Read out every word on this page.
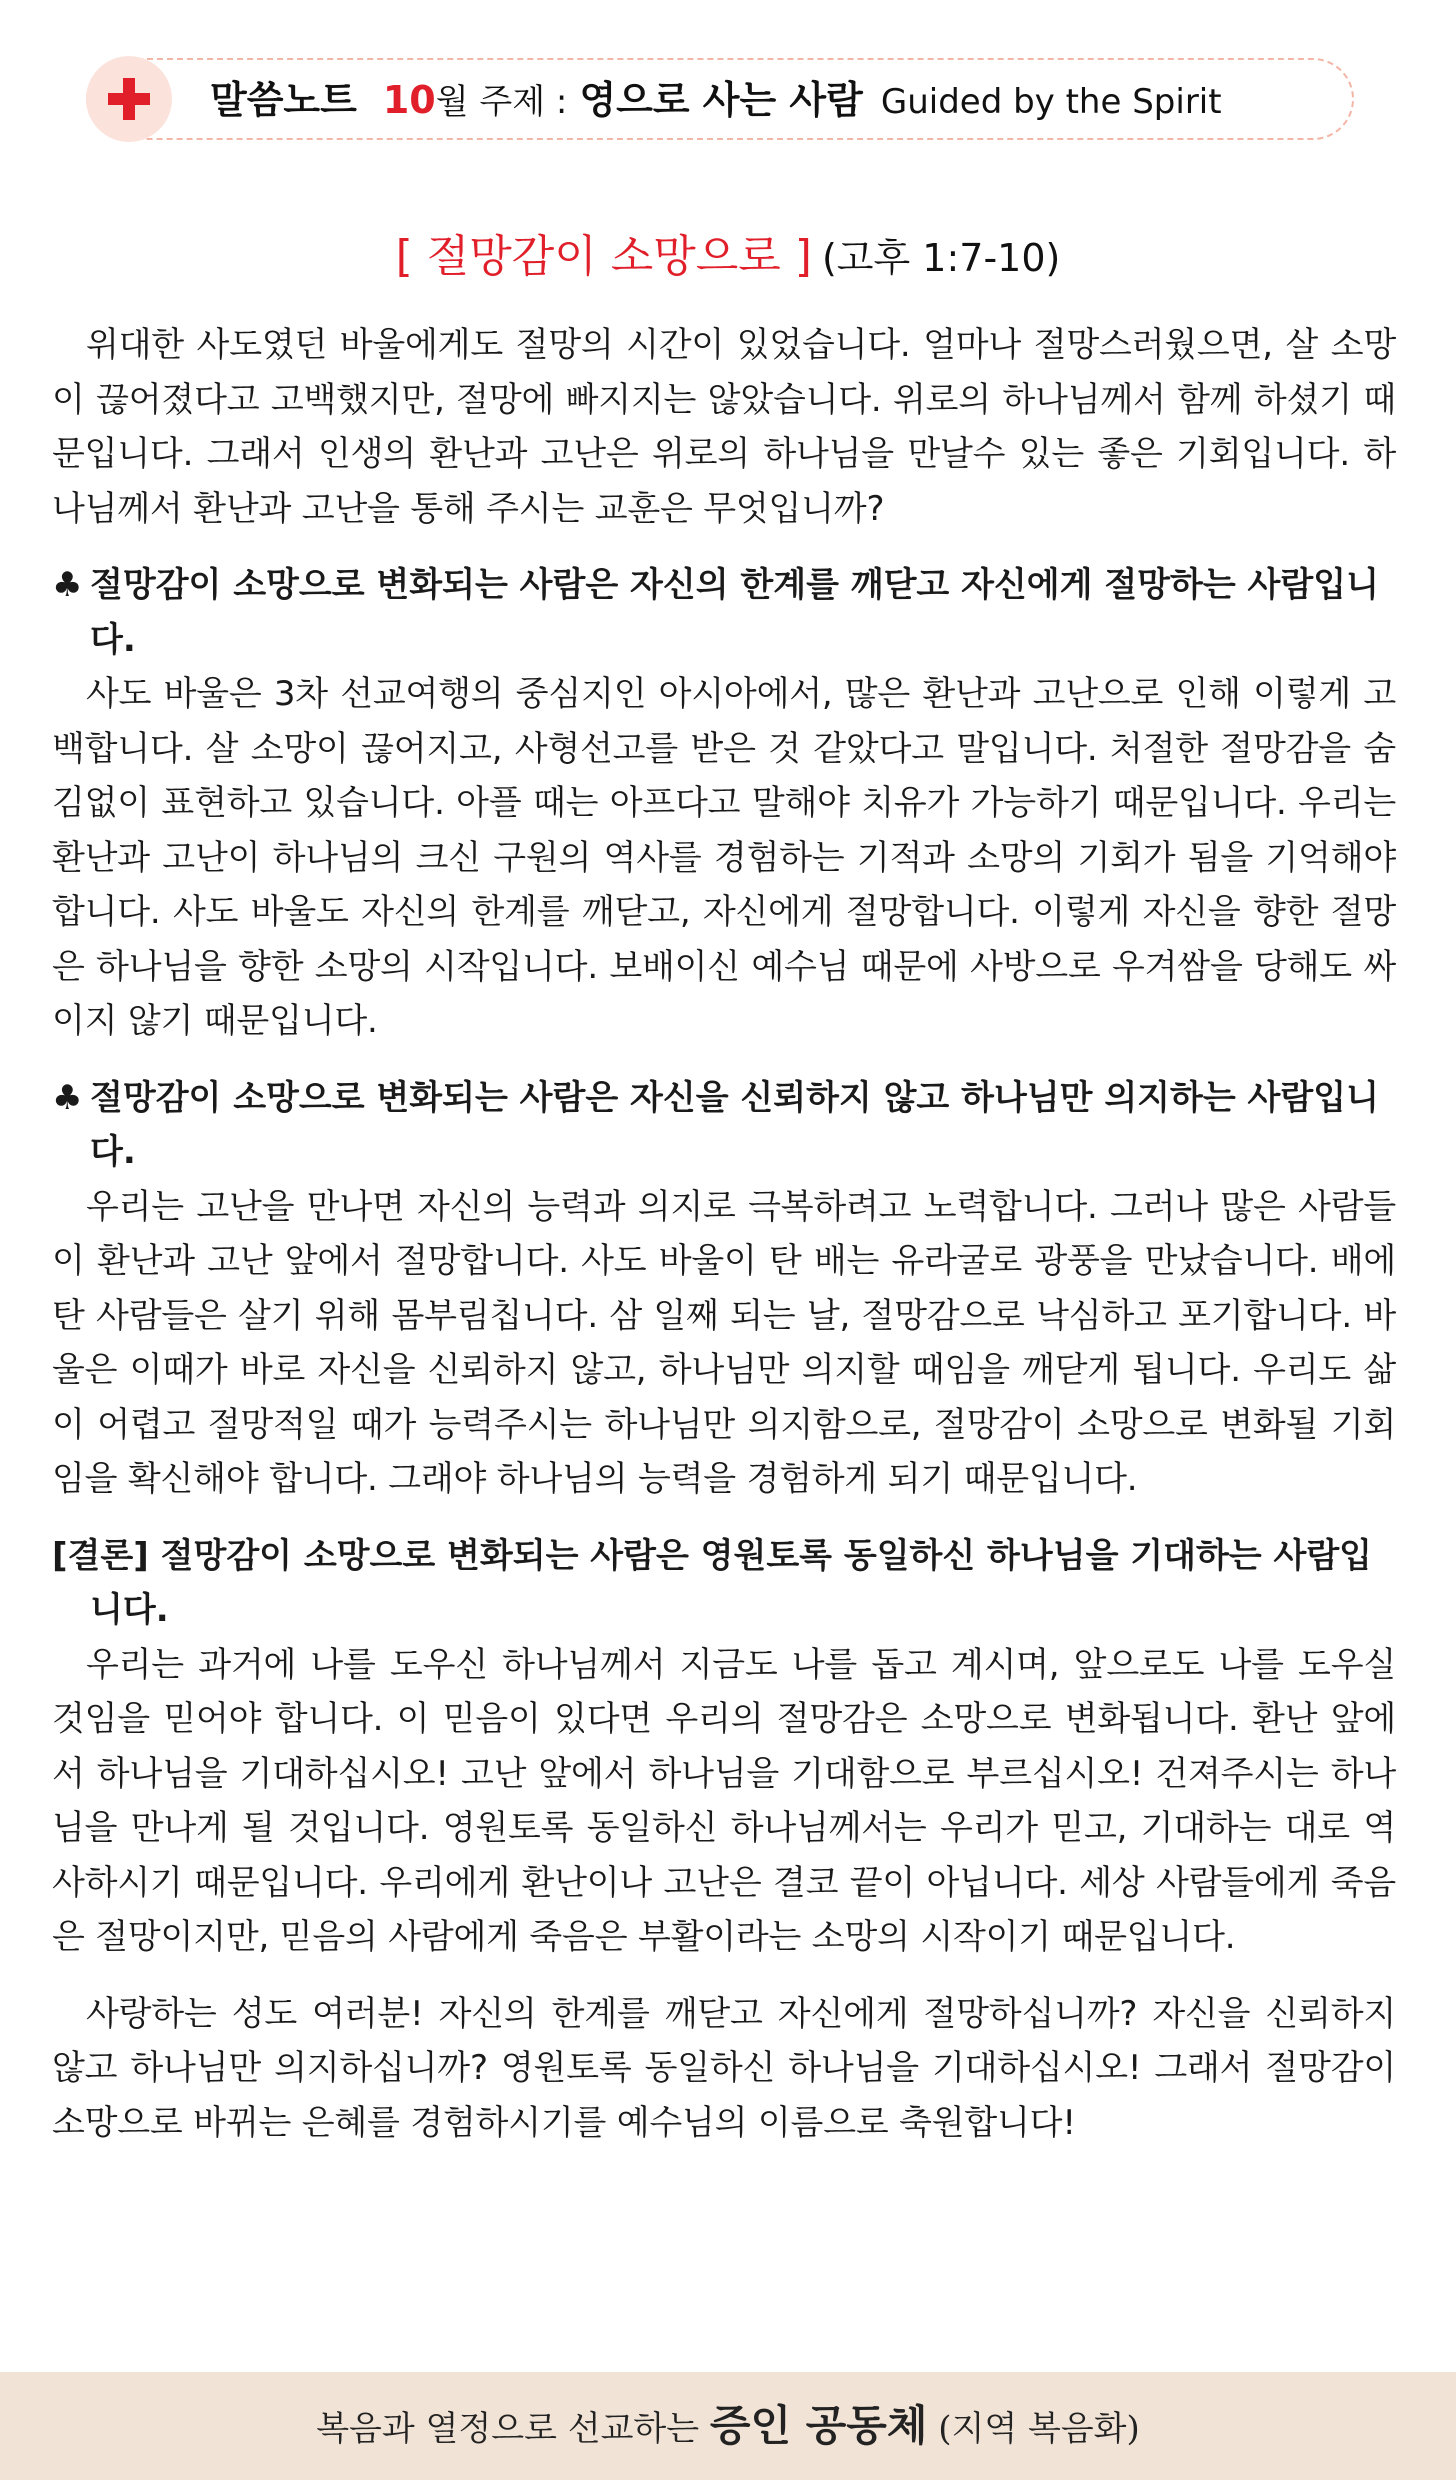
말씀노트 10월 주제 : 영으로 사는 사람 Guided by the Spirit
[ 절망감이 소망으로 ] (고후 1:7-10)

위대한 사도였던 바울에게도 절망의 시간이 있었습니다. 얼마나 절망스러웠으면, 살 소망이 끊어졌다고 고백했지만, 절망에 빠지지는 않았습니다. 위로의 하나님께서 함께 하셨기 때문입니다. 그래서 인생의 환난과 고난은 위로의 하나님을 만날수 있는 좋은 기회입니다. 하나님께서 환난과 고난을 통해 주시는 교훈은 무엇입니까?

♣ 절망감이 소망으로 변화되는 사람은 자신의 한계를 깨닫고 자신에게 절망하는 사람입니다.

사도 바울은 3차 선교여행의 중심지인 아시아에서, 많은 환난과 고난으로 인해 이렇게 고백합니다. 살 소망이 끊어지고, 사형선고를 받은 것 같았다고 말입니다. 처절한 절망감을 숨김없이 표현하고 있습니다. 아플 때는 아프다고 말해야 치유가 가능하기 때문입니다. 우리는 환난과 고난이 하나님의 크신 구원의 역사를 경험하는 기적과 소망의 기회가 됨을 기억해야 합니다. 사도 바울도 자신의 한계를 깨닫고, 자신에게 절망합니다. 이렇게 자신을 향한 절망은 하나님을 향한 소망의 시작입니다. 보배이신 예수님 때문에 사방으로 우겨쌈을 당해도 싸이지 않기 때문입니다.

♣ 절망감이 소망으로 변화되는 사람은 자신을 신뢰하지 않고 하나님만 의지하는 사람입니다.

우리는 고난을 만나면 자신의 능력과 의지로 극복하려고 노력합니다. 그러나 많은 사람들이 환난과 고난 앞에서 절망합니다. 사도 바울이 탄 배는 유라굴로 광풍을 만났습니다. 배에 탄 사람들은 살기 위해 몸부림칩니다. 삼 일째 되는 날, 절망감으로 낙심하고 포기합니다. 바울은 이때가 바로 자신을 신뢰하지 않고, 하나님만 의지할 때임을 깨닫게 됩니다. 우리도 삶이 어렵고 절망적일 때가 능력주시는 하나님만 의지함으로, 절망감이 소망으로 변화될 기회임을 확신해야 합니다. 그래야 하나님의 능력을 경험하게 되기 때문입니다.

[결론] 절망감이 소망으로 변화되는 사람은 영원토록 동일하신 하나님을 기대하는 사람입니다.

우리는 과거에 나를 도우신 하나님께서 지금도 나를 돕고 계시며, 앞으로도 나를 도우실 것임을 믿어야 합니다. 이 믿음이 있다면 우리의 절망감은 소망으로 변화됩니다. 환난 앞에서 하나님을 기대하십시오! 고난 앞에서 하나님을 기대함으로 부르십시오! 건져주시는 하나님을 만나게 될 것입니다. 영원토록 동일하신 하나님께서는 우리가 믿고, 기대하는 대로 역사하시기 때문입니다. 우리에게 환난이나 고난은 결코 끝이 아닙니다. 세상 사람들에게 죽음은 절망이지만, 믿음의 사람에게 죽음은 부활이라는 소망의 시작이기 때문입니다.

사랑하는 성도 여러분! 자신의 한계를 깨닫고 자신에게 절망하십니까? 자신을 신뢰하지 않고 하나님만 의지하십니까? 영원토록 동일하신 하나님을 기대하십시오! 그래서 절망감이 소망으로 바뀌는 은혜를 경험하시기를 예수님의 이름으로 축원합니다!

복음과 열정으로 선교하는 증인 공동체 (지역 복음화)
